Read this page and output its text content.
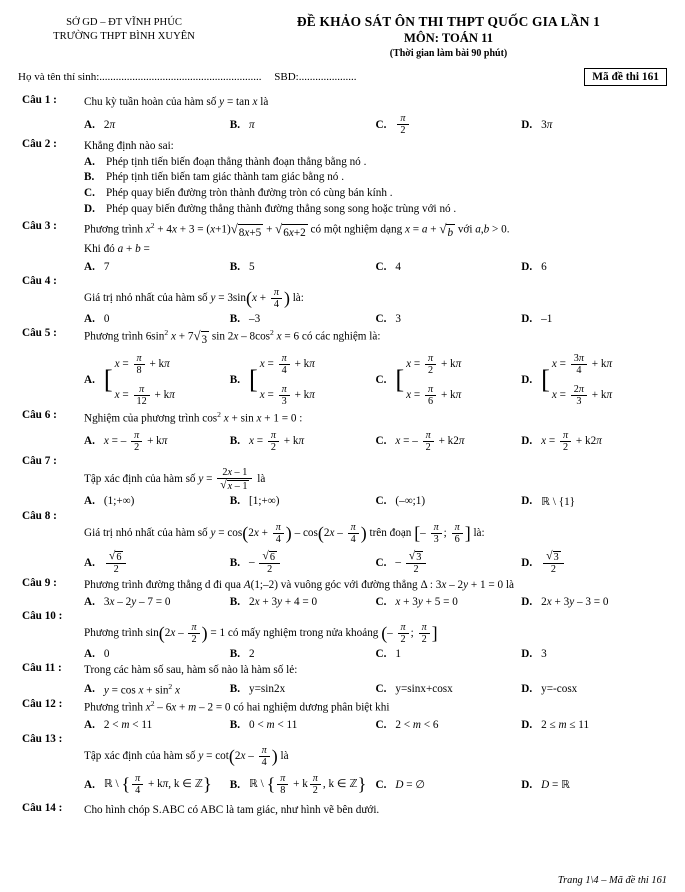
SỞ GD – ĐT VĨNH PHÚC
TRƯỜNG THPT BÌNH XUYÊN
ĐỀ KHẢO SÁT ÔN THI THPT QUỐC GIA LẦN 1
MÔN: TOÁN 11
(Thời gian làm bài 90 phút)
Họ và tên thí sinh: ...........................................................	SBD: .....................	Mã đề thi 161
Câu 1 :	Chu kỳ tuần hoàn của hàm số y = tan x là
A. 2π	B. π	C. $\frac{\pi}{2}$	D. 3π
Câu 2 :	Khẳng định nào sai:
A. Phép tịnh tiến biến đoạn thẳng thành đoạn thẳng bằng nó .
B.	Phép tịnh tiến biến tam giác thành tam giác bằng nó .
C. Phép quay biến đường tròn thành đường tròn có cùng bán kính .
D. Phép quay biến đường thẳng thành đường thẳng song song hoặc trùng với nó .
Câu 3 :	Phương trình $x^2 + 4x + 3 = (x+1)$ √ 8x+5 + √ 6x+2 có một nghiệm dạng x = a + √ b với a,b > 0.
Khi đó a + b =
A. 7	B. 5	C. 4	D. 6
Câu 4 :
Giá trị nhỏ nhất của hàm số $y = 3\sin(x + \frac{\pi}{4}$ ) là:
A. 0	B. –3	C. 3	D. –1
Câu 5 :	Phương trình $6\sin^2$ x + 7 √ 3 $\sin 2x - 8\cos^2$ x = 6 có các nghiệm là:
A. [
$x = \frac{\pi}{8} + k\pi$
$x = \frac{\pi}{12} + k\pi$
B. [
$x = \frac{\pi}{4} + k\pi$
$x = \frac{\pi}{3} + k\pi$
C. [
$x = \frac{\pi}{2} + k\pi$
$x = \frac{\pi}{6} + k\pi$
D. [
$x = \frac{3\pi}{4} + k\pi$
$x = \frac{2\pi}{3} + k\pi$
Câu 6 :	Nghiệm của phương trình $\cos^2 x + \sin x + 1 = 0$ :
A. x = – $\frac{\pi}{2} + k\pi$	B. $x = \frac{\pi}{2} + k\pi$	C. x = – $\frac{\pi}{2} + k2\pi$	D. $x = \frac{\pi}{2} + k2\pi$
Câu 7 :
Tập xác định của hàm số $y = \frac{2x - 1}{√ x - 1}$ là
A. (1;+∞)	B. [1;+∞)	C. (–∞;1)	D. ℝ \ {1}
Câu 8 :
Giá trị nhỏ nhất của hàm số $y = \cos(2x + \frac{\pi}{4}$ ) – $\cos(2x - \frac{\pi}{4}$ ) trên đoạn [– $\frac{\pi}{3}$ ; $\frac{\pi}{6}$ ] là:
A. $\frac{√ 6}{2}$	B. – $\frac{√ 6}{2}$	C. – $\frac{√ 3}{2}$	D. $\frac{√ 3}{2}$
Câu 9 :	Phương trình đường thẳng d đi qua A(1;–2) và vuông góc với đường thẳng Δ : 3x – 2y + 1 = 0 là
A. 3x – 2y – 7 = 0	B. 2x + 3y + 4 = 0	C. x + 3y + 5 = 0	D. 2x + 3y – 3 = 0
Câu 10 :
Phương trình $\sin(2x - \frac{\pi}{2}$ ) = 1 có mấy nghiệm trong nửa khoảng (– $\frac{\pi}{2}$ ; $\frac{\pi}{2}$ ]
A. 0	B. 2	C. 1	D. 3
Câu 11 :	Trong các hàm số sau, hàm số nào là hàm số lẻ:
A. $y = \cos x + \sin^2 x$	B. y=sin2x	C. y=sinx+cosx	D. y=-cosx
Câu 12 :	Phương trình $x^2 - 6x + m - 2 = 0$ có hai nghiệm dương phân biệt khi
A. 2 < m < 11	B. 0 < m < 11	C. 2 < m < 6	D. 2 ≤ m ≤ 11
Câu 13 :
Tập xác định của hàm số $y = \cot(2x - \frac{\pi}{4}$ ) là
A. ℝ \ { $\frac{\pi}{4} + k\pi$, k ∈ ℤ} B. ℝ \ { $\frac{\pi}{8} + k \frac{\pi}{2}$ , k ∈ ℤ} C. D = ∅	D. D = ℝ
Câu 14 :	Cho hình chóp S.ABC có ABC là tam giác, như hình vẽ bên dưới.
Trang 1\4 – Mã đề thi 161
